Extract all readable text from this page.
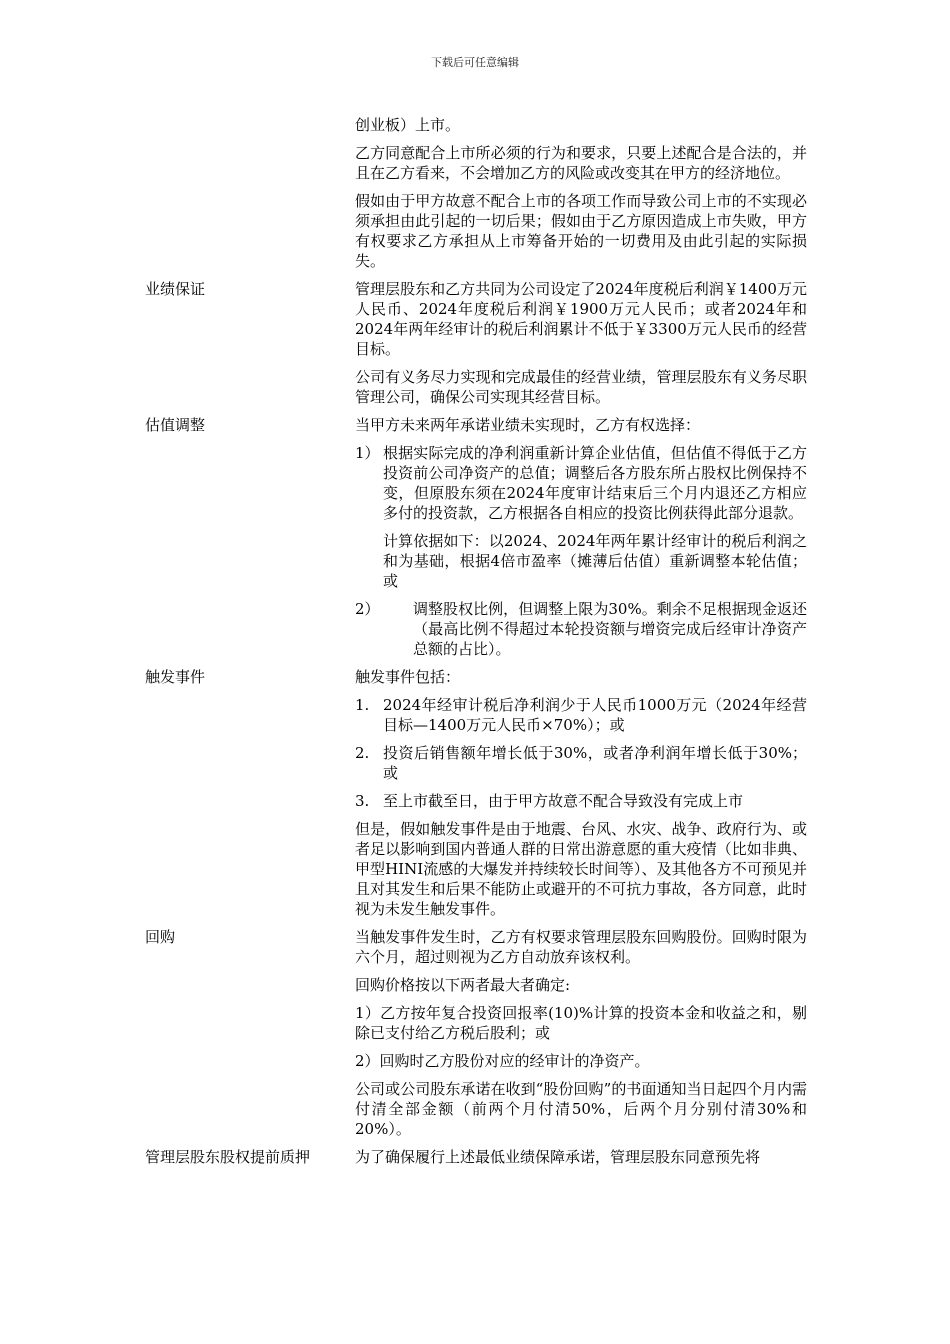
下载后可任意编辑

创业板）上市。

乙方同意配合上市所必须的行为和要求，只要上述配合是合法的，并且在乙方看来，不会增加乙方的风险或改变其在甲方的经济地位。

假如由于甲方故意不配合上市的各项工作而导致公司上市的不实现必须承担由此引起的一切后果；假如由于乙方原因造成上市失败，甲方有权要求乙方承担从上市筹备开始的一切费用及由此引起的实际损失。

业绩保证	管理层股东和乙方共同为公司设定了2024年度税后利润￥1400万元人民币、2024年度税后利润￥1900万元人民币；或者2024年和2024年两年经审计的税后利润累计不低于￥3300万元人民币的经营目标。

公司有义务尽力实现和完成最佳的经营业绩，管理层股东有义务尽职管理公司，确保公司实现其经营目标。

估值调整	当甲方未来两年承诺业绩未实现时，乙方有权选择：

1） 根据实际完成的净利润重新计算企业估值，但估值不得低于乙方投资前公司净资产的总值；调整后各方股东所占股权比例保持不变，但原股东须在2024年度审计结束后三个月内退还乙方相应多付的投资款，乙方根据各自相应的投资比例获得此部分退款。

计算依据如下：以2024、2024年两年累计经审计的税后利润之和为基础，根据4倍市盈率（摊薄后估值）重新调整本轮估值；或

2）	调整股权比例，但调整上限为30%。剩余不足根据现金返还（最高比例不得超过本轮投资额与增资完成后经审计净资产总额的占比）。
触发事件	触发事件包括：

1. 2024年经审计税后净利润少于人民币1000万元（2024年经营目标—1400万元人民币×70%）；或
2. 投资后销售额年增长低于30%，或者净利润年增长低于30%；或
3. 至上市截至日，由于甲方故意不配合导致没有完成上市

但是，假如触发事件是由于地震、台风、水灾、战争、政府行为、或者足以影响到国内普通人群的日常出游意愿的重大疫情（比如非典、甲型HINI流感的大爆发并持续较长时间等）、及其他各方不可预见并且对其发生和后果不能防止或避开的不可抗力事故，各方同意，此时视为未发生触发事件。

回购	当触发事件发生时，乙方有权要求管理层股东回购股份。回购时限为六个月，超过则视为乙方自动放弃该权利。

回购价格按以下两者最大者确定:

1）乙方按年复合投资回报率(10)%计算的投资本金和收益之和，剔除已支付给乙方税后股利；或

2）回购时乙方股份对应的经审计的净资产。

公司或公司股东承诺在收到“股份回购”的书面通知当日起四个月内需付清全部金额（前两个月付清50%，后两个月分别付清30%和20%）。

管理层股东股权提前质押	为了确保履行上述最低业绩保障承诺，管理层股东同意预先将
